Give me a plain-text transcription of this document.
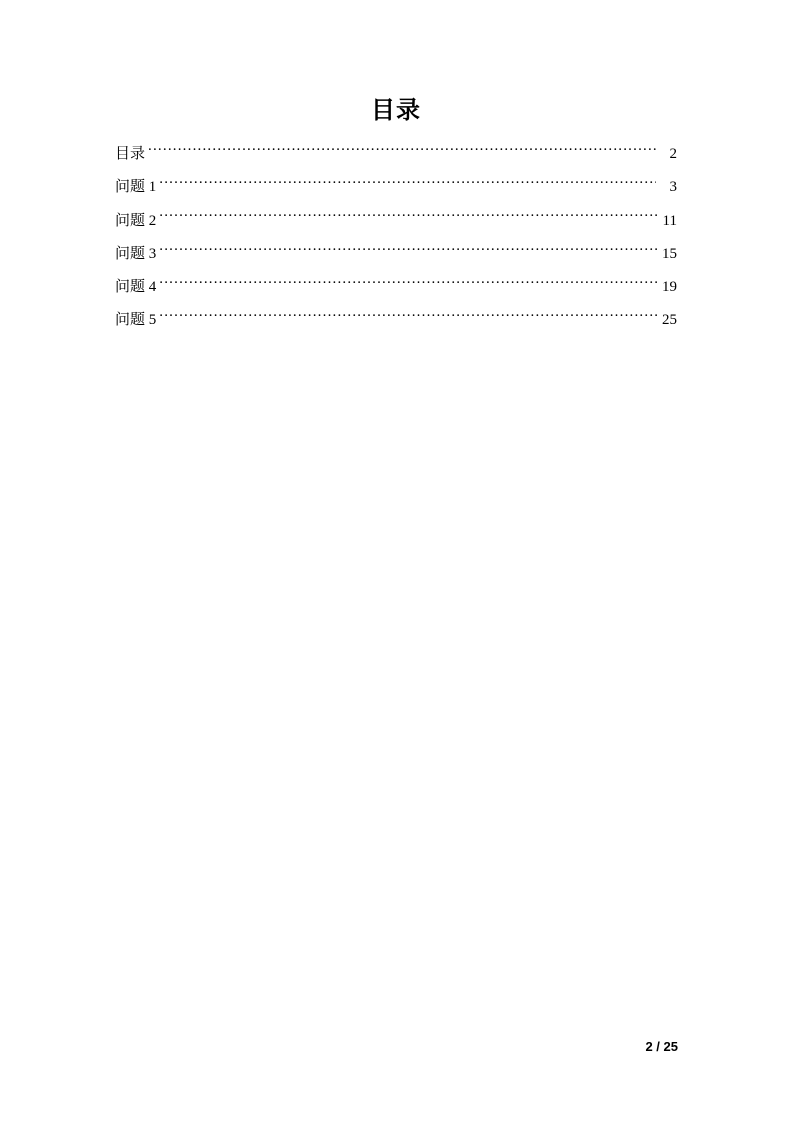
目录
目录 .....	2
问题 1 .....	3
问题 2 .....	11
问题 3 .....	15
问题 4 .....	19
问题 5 .....	25
2 / 25
